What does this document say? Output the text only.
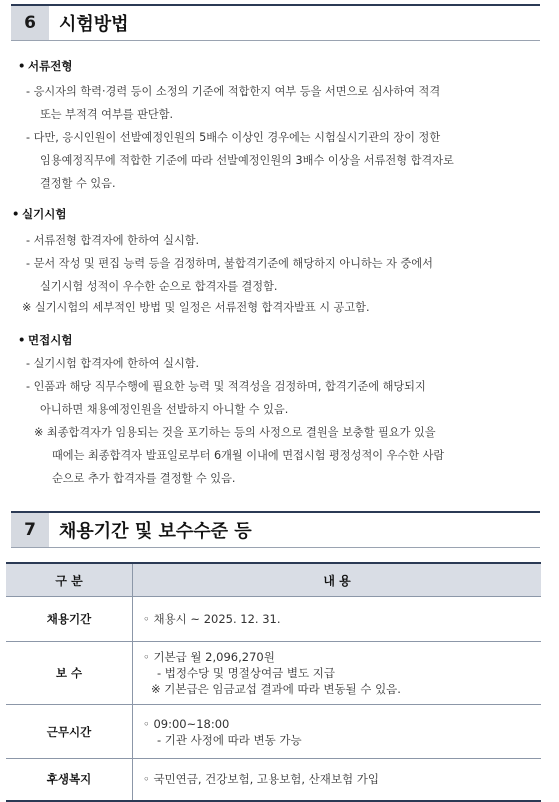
6	시험방법
• 서류전형
- 응시자의 학력·경력 등이 소정의 기준에 적합한지 여부 등을 서면으로 심사하여 적격
또는 부적격 여부를 판단함.
- 다만, 응시인원이 선발예정인원의 5배수 이상인 경우에는 시험실시기관의 장이 정한
임용예정직무에 적합한 기준에 따라 선발예정인원의 3배수 이상을 서류전형 합격자로
결정할 수 있음.
• 실기시험
- 서류전형 합격자에 한하여 실시함.
- 문서 작성 및 편집 능력 등을 검정하며, 불합격기준에 해당하지 아니하는 자 중에서
실기시험 성적이 우수한 순으로 합격자를 결정함.
※ 실기시험의 세부적인 방법 및 일정은 서류전형 합격자발표 시 공고함.
• 면접시험
- 실기시험 합격자에 한하여 실시함.
- 인품과 해당 직무수행에 필요한 능력 및 적격성을 검정하며, 합격기준에 해당되지
아니하면 채용예정인원을 선발하지 아니할 수 있음.
※ 최종합격자가 임용되는 것을 포기하는 등의 사정으로 결원을 보충할 필요가 있을
때에는 최종합격자 발표일로부터 6개월 이내에 면접시험 평정성적이 우수한 사람
순으로 추가 합격자를 결정할 수 있음.
7	채용기간 및 보수수준 등
구 분	내 용
채용기간	◦ 채용시 ~ 2025. 12. 31.

보 수	◦ 기본급 월 2,096,270원
- 법정수당 및 명절상여금 별도 지급
※ 기본급은 임금교섭 결과에 따라 변동될 수 있음.

근무시간	◦ 09:00~18:00
- 기관 사정에 따라 변동 가능

후생복지	◦ 국민연금, 건강보험, 고용보험, 산재보험 가입
